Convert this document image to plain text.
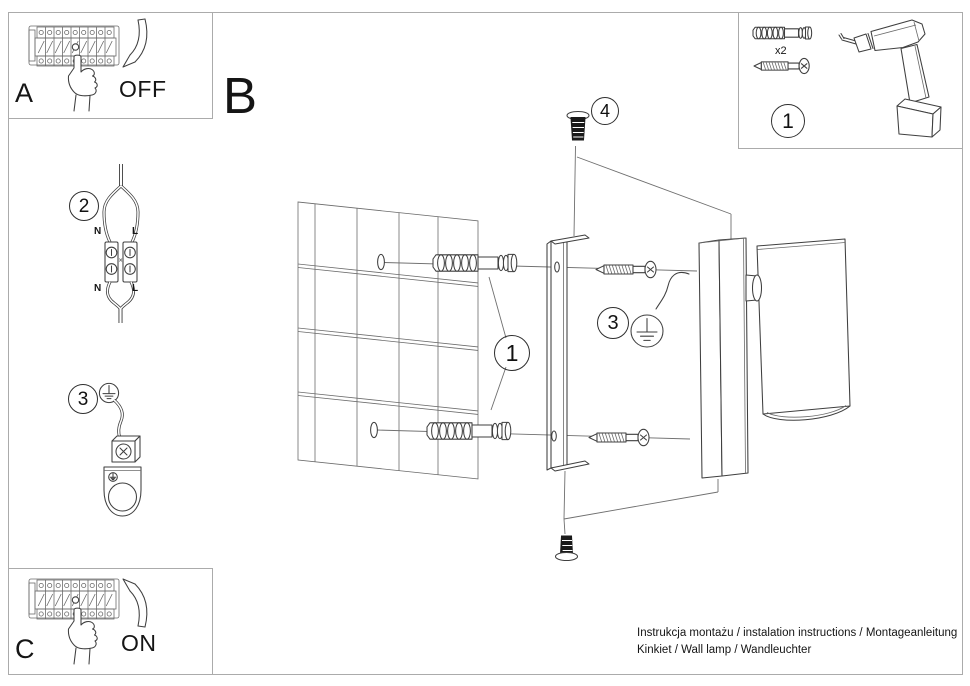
A	OFF B
C	ON
x2
N	L
N	L
1
1
2
3
3
4
Instrukcja montażu / instalation instructions / Montageanleitung
Kinkiet / Wall lamp / Wandleuchter
